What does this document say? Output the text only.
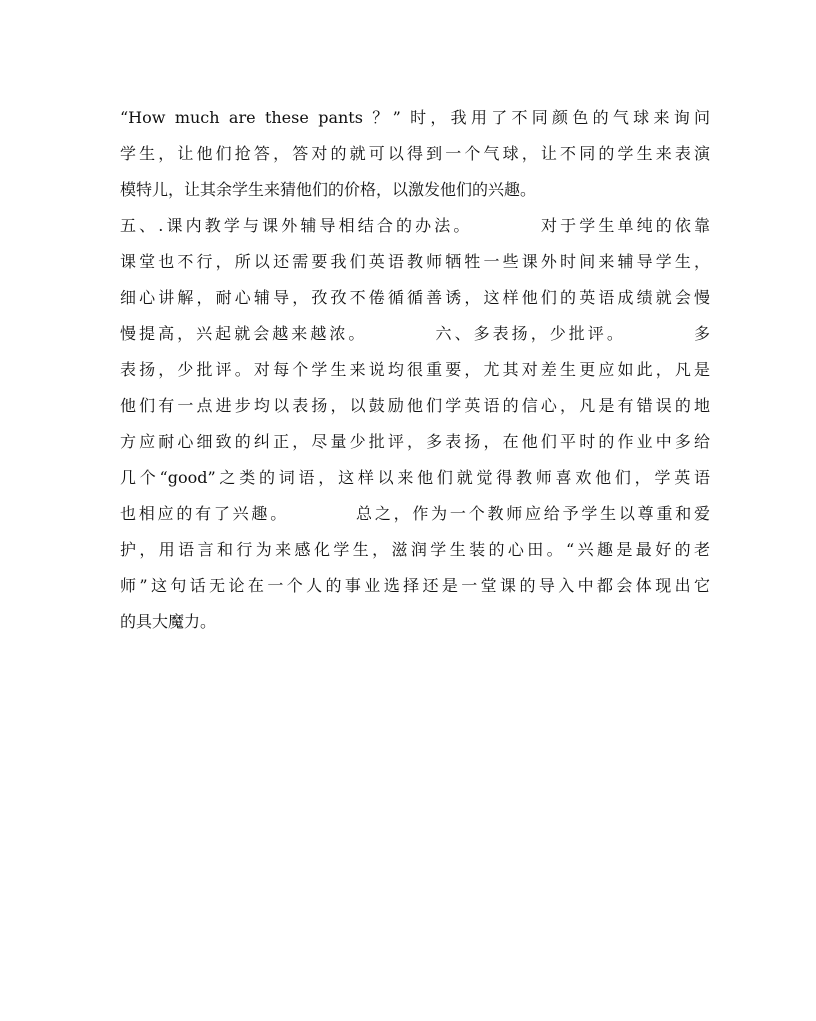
“How much are these pants ？” 时，我用了不同颜色的气球来询问
学生，让他们抢答，答对的就可以得到一个气球，让不同的学生来表演
模特儿，让其余学生来猜他们的价格，以激发他们的兴趣。
五、.课内教学与课外辅导相结合的办法。　　　　对于学生单纯的依靠
课堂也不行，所以还需要我们英语教师牺牲一些课外时间来辅导学生，
细心讲解，耐心辅导，孜孜不倦循循善诱，这样他们的英语成绩就会慢
慢提高，兴起就会越来越浓。　　　　六、多表扬，少批评。　　　　多
表扬，少批评。对每个学生来说均很重要，尤其对差生更应如此，凡是
他们有一点进步均以表扬，以鼓励他们学英语的信心，凡是有错误的地
方应耐心细致的纠正，尽量少批评，多表扬，在他们平时的作业中多给
几个“good”之类的词语，这样以来他们就觉得教师喜欢他们，学英语
也相应的有了兴趣。　　　　总之，作为一个教师应给予学生以尊重和爱
护，用语言和行为来感化学生，滋润学生装的心田。“兴趣是最好的老
师”这句话无论在一个人的事业选择还是一堂课的导入中都会体现出它
的具大魔力。
